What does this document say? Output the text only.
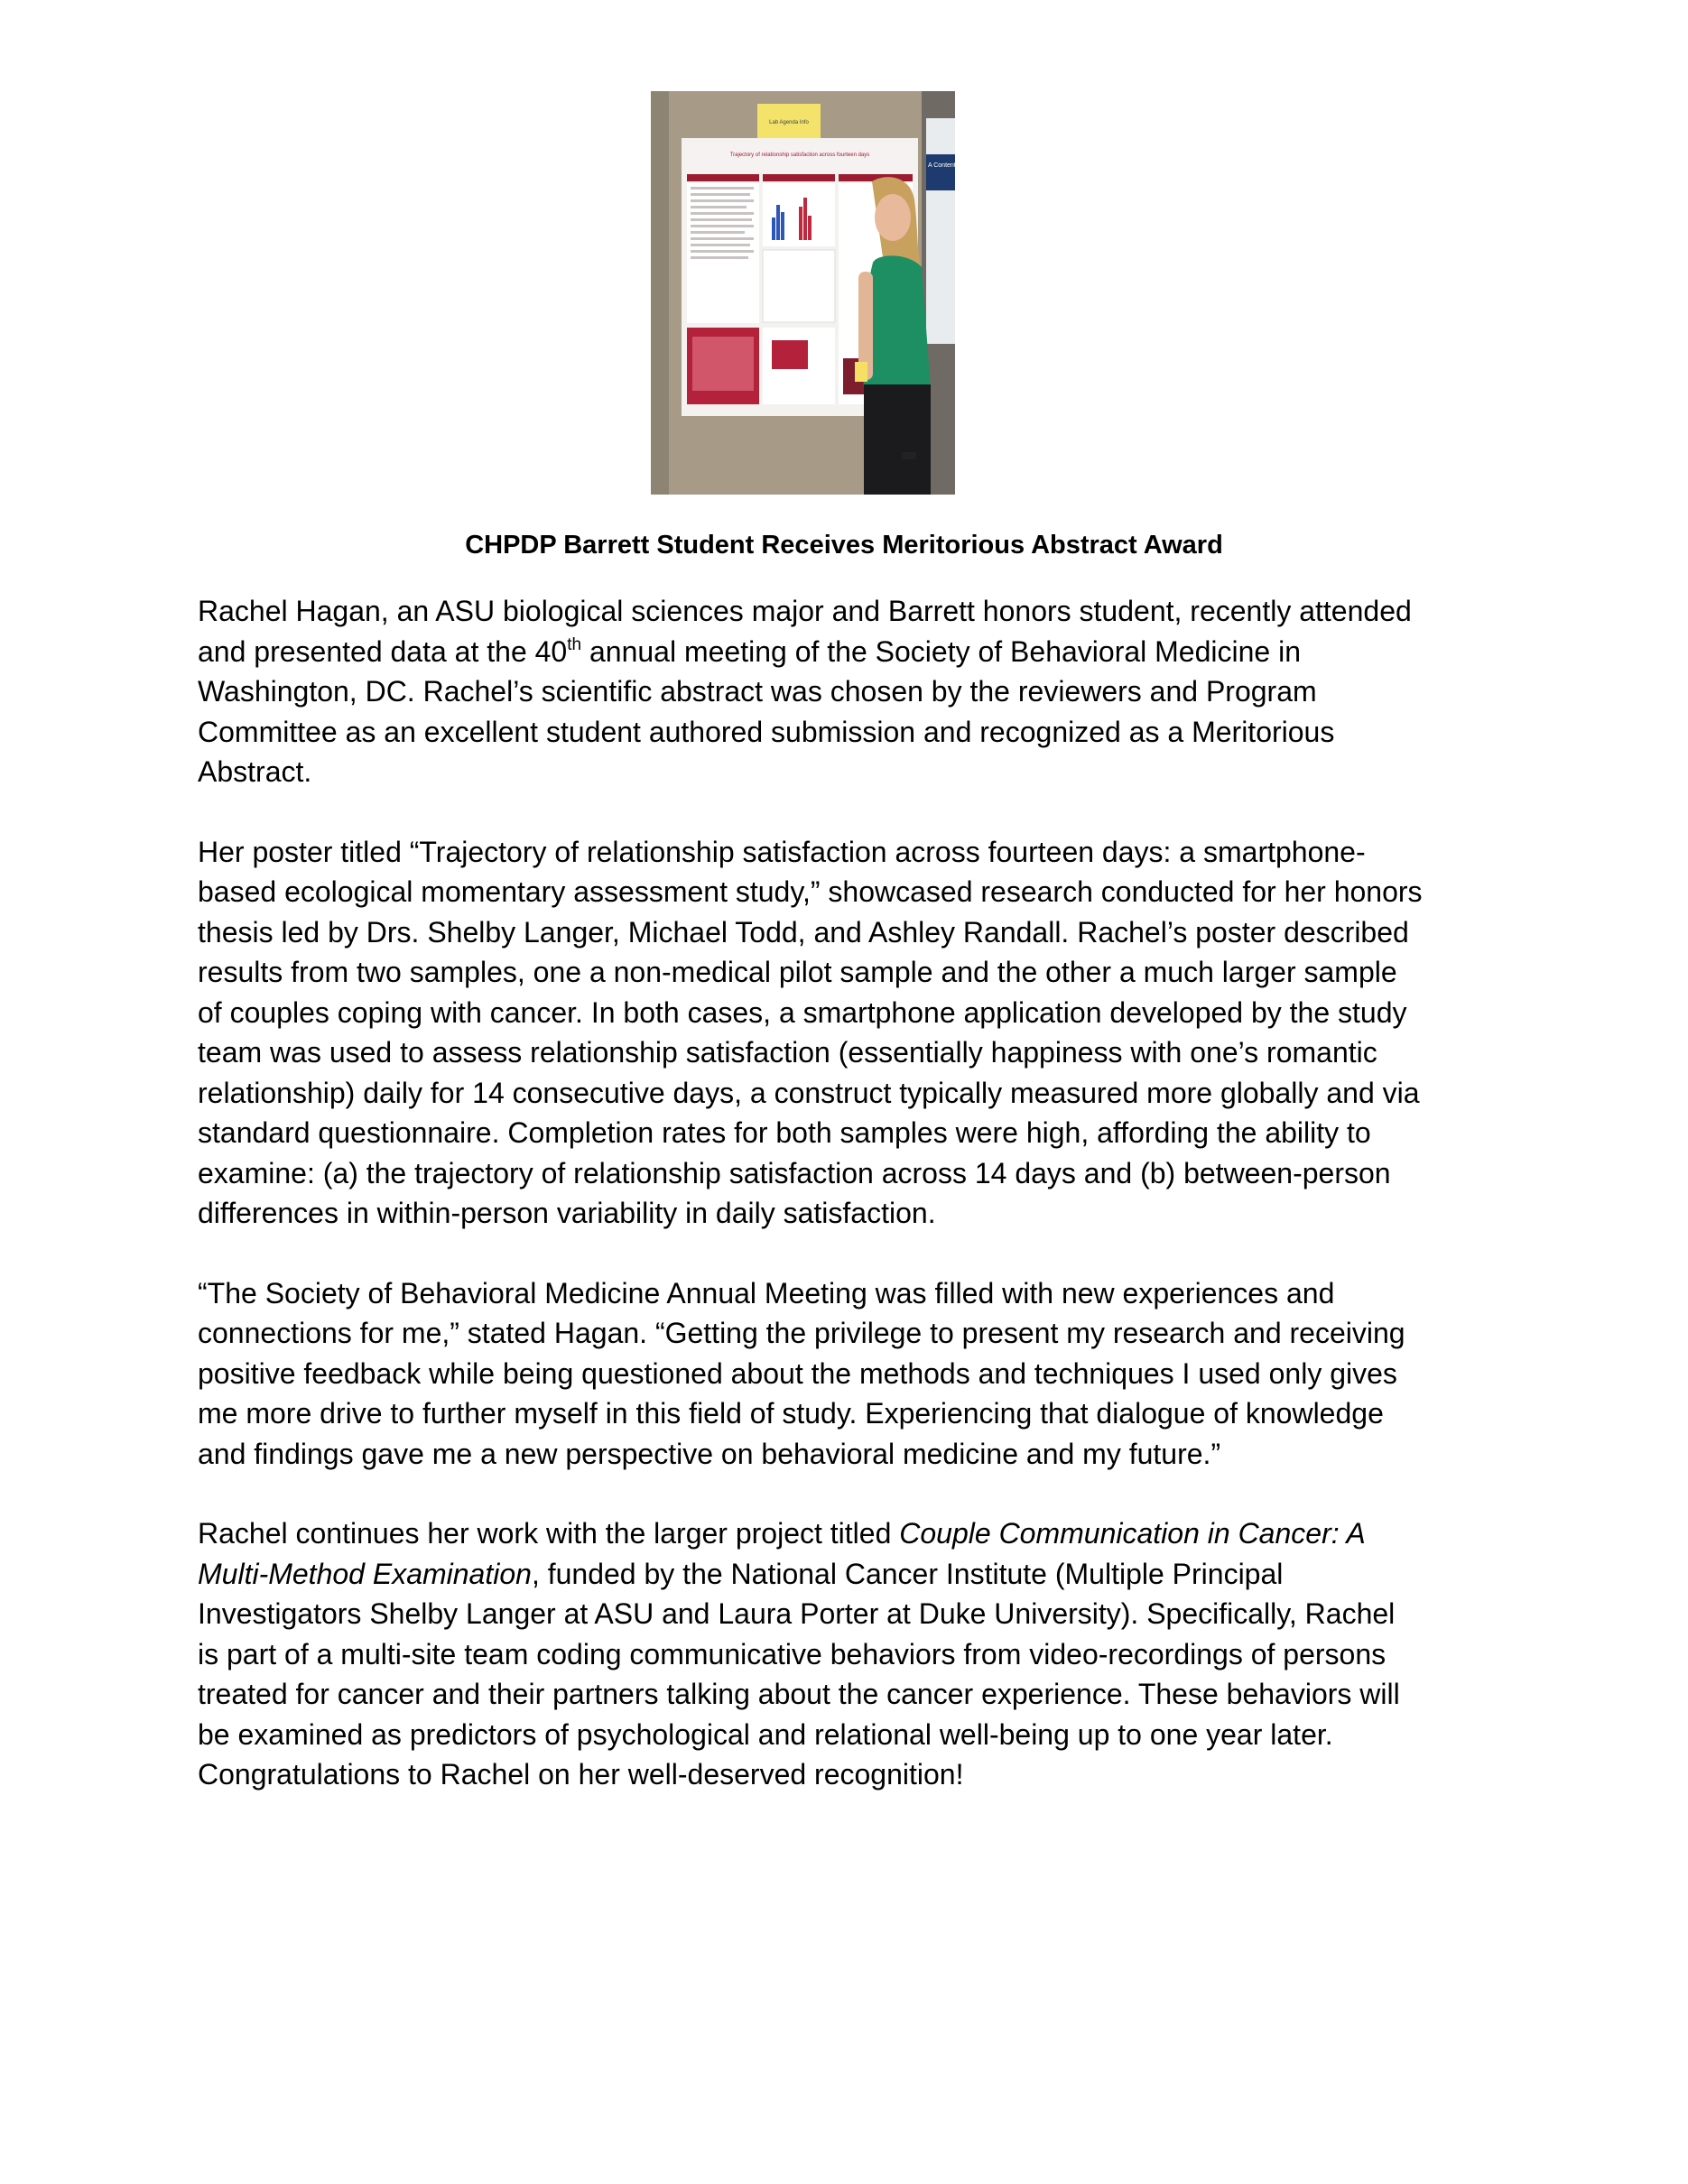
A Content Use and
Lab Agenda Info
Trajectory of relationship satisfaction across fourteen days
CHPDP Barrett Student Receives Meritorious Abstract Award

Rachel Hagan, an ASU biological sciences major and Barrett honors student, recently attended
and presented data at the 40th annual meeting of the Society of Behavioral Medicine in
Washington, DC. Rachel’s scientific abstract was chosen by the reviewers and Program
Committee as an excellent student authored submission and recognized as a Meritorious
Abstract.

Her poster titled “Trajectory of relationship satisfaction across fourteen days: a smartphone-
based ecological momentary assessment study,” showcased research conducted for her honors
thesis led by Drs. Shelby Langer, Michael Todd, and Ashley Randall. Rachel’s poster described
results from two samples, one a non-medical pilot sample and the other a much larger sample
of couples coping with cancer. In both cases, a smartphone application developed by the study
team was used to assess relationship satisfaction (essentially happiness with one’s romantic
relationship) daily for 14 consecutive days, a construct typically measured more globally and via
standard questionnaire. Completion rates for both samples were high, affording the ability to
examine: (a) the trajectory of relationship satisfaction across 14 days and (b) between-person
differences in within-person variability in daily satisfaction.

“The Society of Behavioral Medicine Annual Meeting was filled with new experiences and
connections for me,” stated Hagan. “Getting the privilege to present my research and receiving
positive feedback while being questioned about the methods and techniques I used only gives
me more drive to further myself in this field of study. Experiencing that dialogue of knowledge
and findings gave me a new perspective on behavioral medicine and my future.”

Rachel continues her work with the larger project titled Couple Communication in Cancer: A
Multi-Method Examination, funded by the National Cancer Institute (Multiple Principal
Investigators Shelby Langer at ASU and Laura Porter at Duke University). Specifically, Rachel
is part of a multi-site team coding communicative behaviors from video-recordings of persons
treated for cancer and their partners talking about the cancer experience. These behaviors will
be examined as predictors of psychological and relational well-being up to one year later.
Congratulations to Rachel on her well-deserved recognition!
